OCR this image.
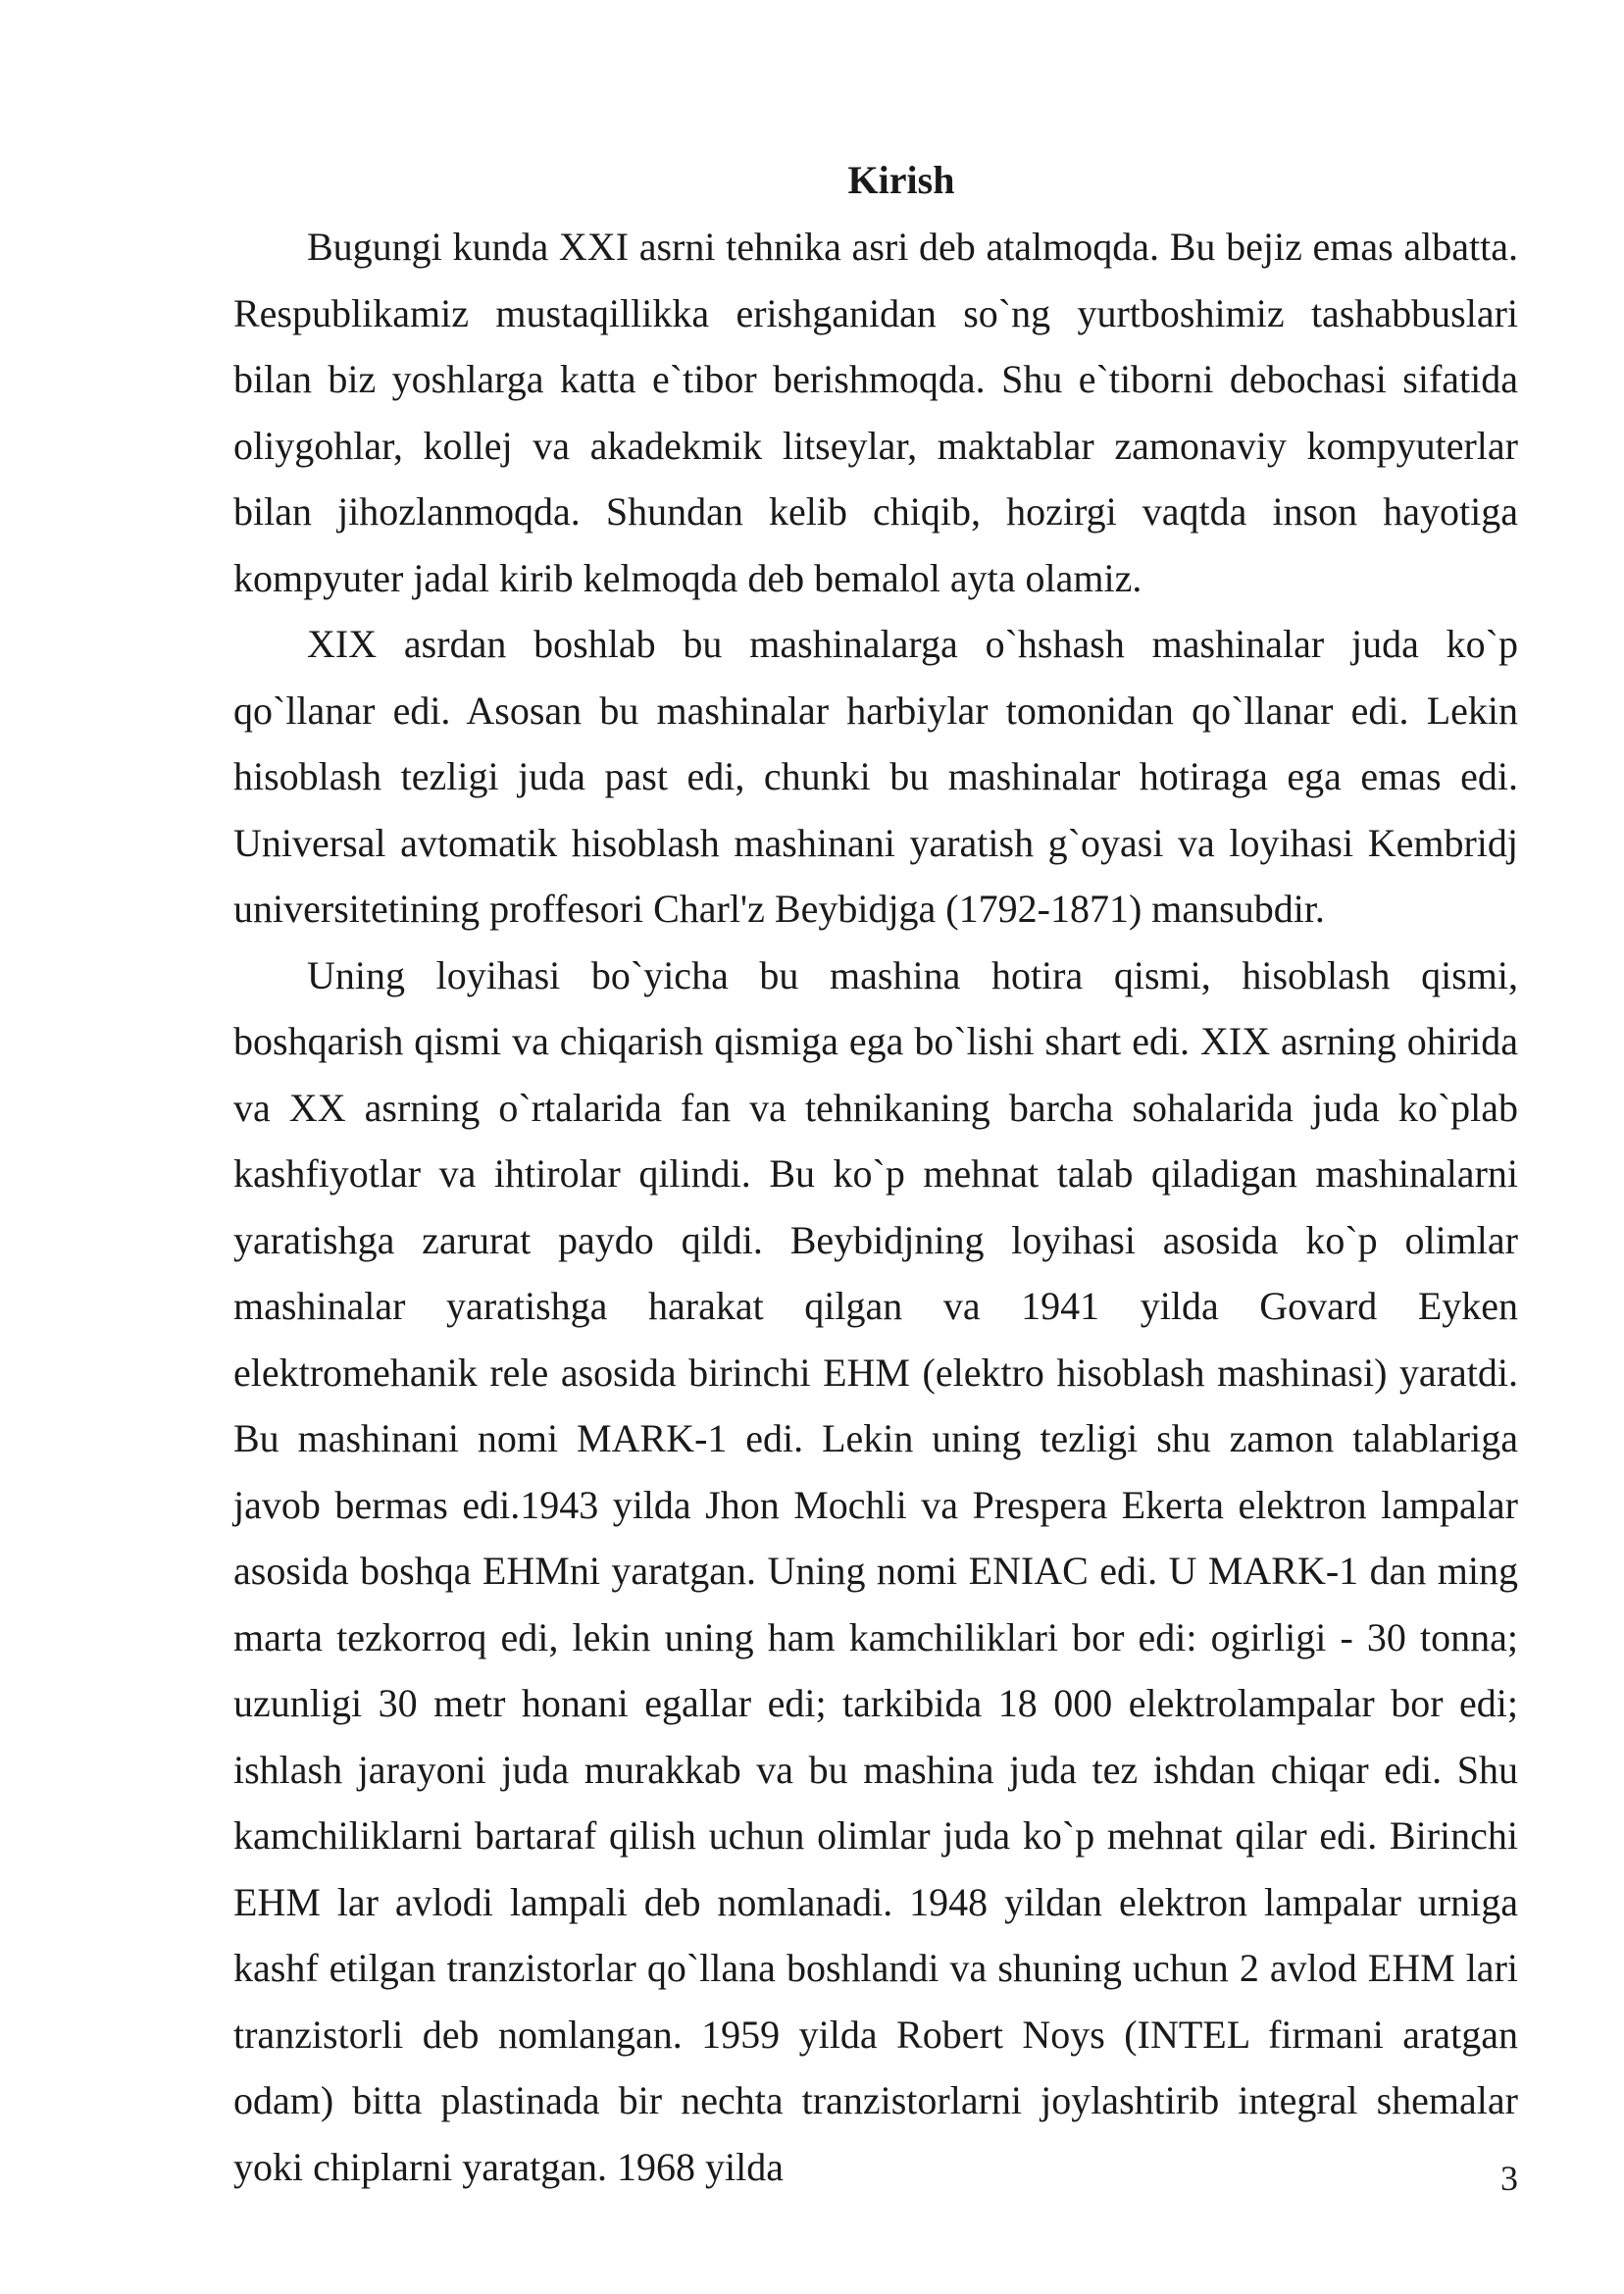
Kirish

Bugungi kunda XXI asrni tehnika asri deb atalmoqda. Bu bejiz emas albatta. Respublikamiz mustaqillikka erishganidan so`ng yurtboshimiz tashabbuslari bilan biz yoshlarga katta e`tibor berishmoqda. Shu e`tiborni debochasi sifatida oliygohlar, kollej va akadekmik litseylar, maktablar zamonaviy kompyuterlar bilan jihozlanmoqda. Shundan kelib chiqib, hozirgi vaqtda inson hayotiga kompyuter jadal kirib kelmoqda deb bemalol ayta olamiz.

XIX asrdan boshlab bu mashinalarga o`hshash mashinalar juda ko`p qo`llanar edi. Asosan bu mashinalar harbiylar tomonidan qo`llanar edi. Lekin hisoblash tezligi juda past edi, chunki bu mashinalar hotiraga ega emas edi. Universal avtomatik hisoblash mashinani yaratish g`oyasi va loyihasi Kembridj universitetining proffesori Charl'z Beybidjga (1792-1871) mansubdir.

Uning loyihasi bo`yicha bu mashina hotira qismi, hisoblash qismi, boshqarish qismi va chiqarish qismiga ega bo`lishi shart edi. XIX asrning ohirida va XX asrning o`rtalarida fan va tehnikaning barcha sohalarida juda ko`plab kashfiyotlar va ihtirolar qilindi. Bu ko`p mehnat talab qiladigan mashinalarni yaratishga zarurat paydo qildi. Beybidjning loyihasi asosida ko`p olimlar mashinalar yaratishga harakat qilgan va 1941 yilda Govard Eyken elektromehanik rele asosida birinchi EHM (elektro hisoblash mashinasi) yaratdi. Bu mashinani nomi MARK-1 edi. Lekin uning tezligi shu zamon talablariga javob bermas edi.1943 yilda Jhon Mochli va Prespera Ekerta elektron lampalar asosida boshqa EHMni yaratgan. Uning nomi ENIAC edi. U MARK-1 dan ming marta tezkorroq edi, lekin uning ham kamchiliklari bor edi: ogirligi - 30 tonna; uzunligi 30 metr honani egallar edi; tarkibida 18 000 elektrolampalar bor edi; ishlash jarayoni juda murakkab va bu mashina juda tez ishdan chiqar edi. Shu kamchiliklarni bartaraf qilish uchun olimlar juda ko`p mehnat qilar edi. Birinchi EHM lar avlodi lampali deb nomlanadi. 1948 yildan elektron lampalar urniga kashf etilgan tranzistorlar qo`llana boshlandi va shuning uchun 2 avlod EHM lari tranzistorli deb nomlangan. 1959 yilda Robert Noys (INTEL firmani aratgan odam) bitta plastinada bir nechta tranzistorlarni joylashtirib integral shemalar yoki chiplarni yaratgan. 1968 yilda	3
